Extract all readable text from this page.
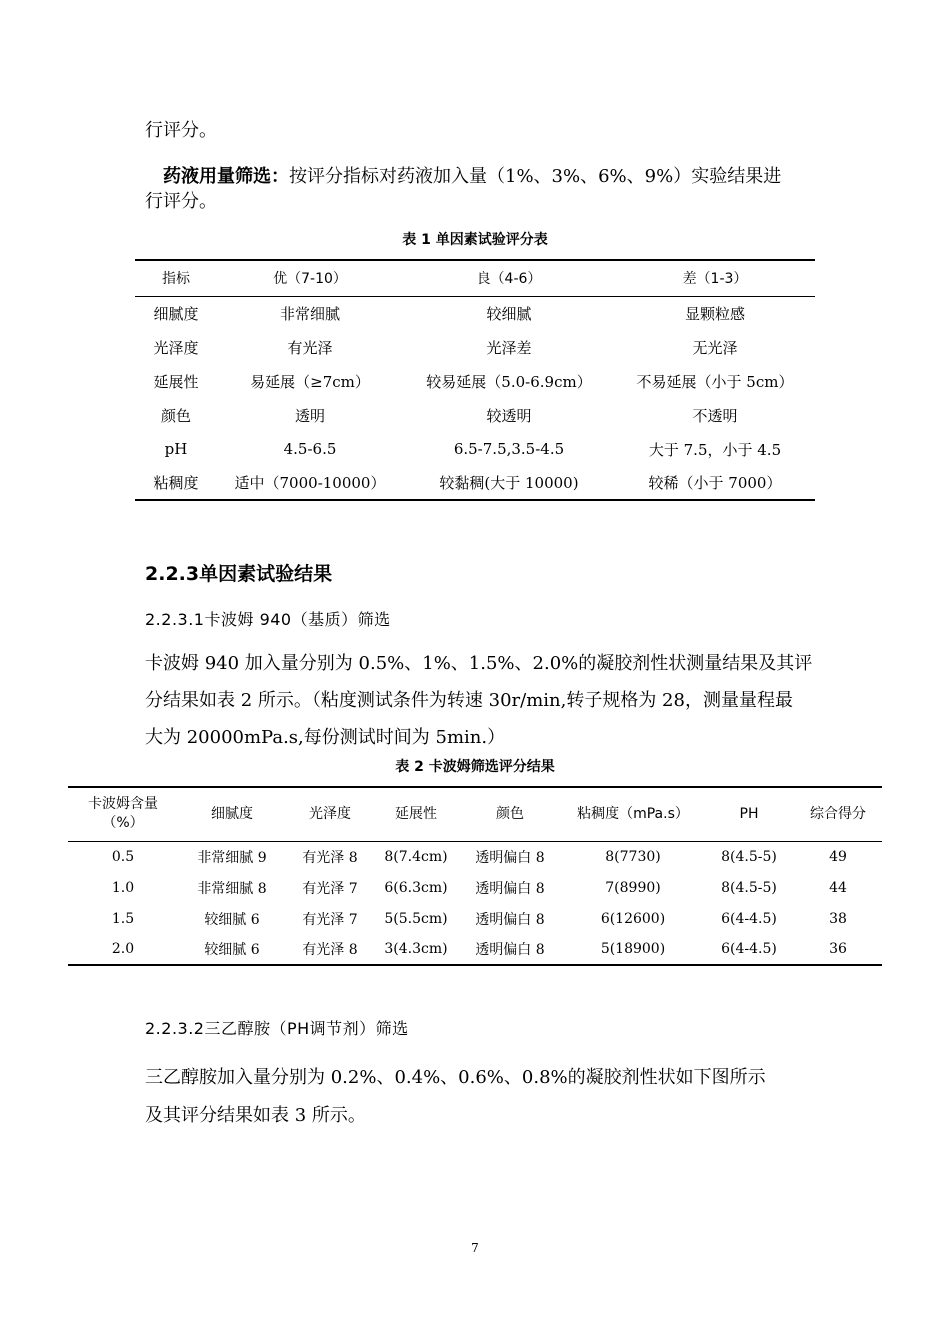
行评分。

药液用量筛选：按评分指标对药液加入量（1%、3%、6%、9%）实验结果进

行评分。

表 1 单因素试验评分表

指标	优（7-10）	良（4-6）	差（1-3）
细腻度	非常细腻	较细腻	显颗粒感
光泽度	有光泽	光泽差	无光泽
延展性	易延展（≥7cm）	较易延展（5.0-6.9cm）	不易延展（小于 5cm）
颜色	透明	较透明	不透明
pH	4.5-6.5	6.5-7.5,3.5-4.5	大于 7.5，小于 4.5
粘稠度	适中（7000-10000）	较黏稠(大于 10000)	较稀（小于 7000）

2.2.3单因素试验结果

2.2.3.1卡波姆 940（基质）筛选

卡波姆 940 加入量分别为 0.5%、1%、1.5%、2.0%的凝胶剂性状测量结果及其评
分结果如表 2 所示。（粘度测试条件为转速 30r/min,转子规格为 28，测量量程最
大为 20000mPa.s,每份测试时间为 5min.）

表 2 卡波姆筛选评分结果

卡波姆含量（%）	细腻度	光泽度	延展性	颜色	粘稠度（mPa.s）	PH	综合得分
0.5	非常细腻 9	有光泽 8	8(7.4cm)	透明偏白 8	8(7730)	8(4.5-5)	49
1.0	非常细腻 8	有光泽 7	6(6.3cm)	透明偏白 8	7(8990)	8(4.5-5)	44
1.5	较细腻 6	有光泽 7	5(5.5cm)	透明偏白 8	6(12600)	6(4-4.5)	38
2.0	较细腻 6	有光泽 8	3(4.3cm)	透明偏白 8	5(18900)	6(4-4.5)	36

2.2.3.2三乙醇胺（PH调节剂）筛选

三乙醇胺加入量分别为 0.2%、0.4%、0.6%、0.8%的凝胶剂性状如下图所示
及其评分结果如表 3 所示。

7
